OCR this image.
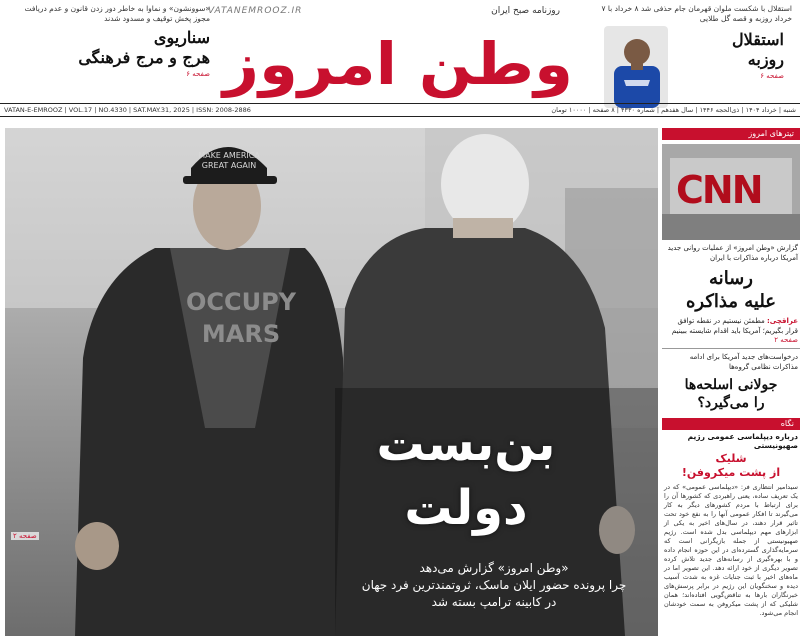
«سوونشون» و نماوا به خاطر دور زدن قانون و عدم دریافت مجوز پخش توقیف و مسدود شدند
سناریوی
هرج و مرج فرهنگی
صفحه ۶
VATANEMROOZ.IR	روزنامه صبح ایران
وطن امروز
استقلال با شکست ملوان قهرمان جام حذفی شد ۸ خرداد با ۷ خرداد روزبه و قصه گل طلایی
استقلال
روزبه
صفحه ۶
VATAN-E-EMROOZ | VOL.17 | NO.4330 | SAT.MAY.31, 2025 | ISSN: 2008-2886	شنبه | خرداد ۱۴۰۴ | ذی‌الحجه ۱۴۴۶ | سال هفدهم | شماره ۴۳۳۰ | ۸ صفحه | ۱۰۰۰۰ تومان
MAKE AMERICA
GREAT AGAIN
OCCUPY
MARS
بن‌بست
دولت
«وطن امروز» گزارش می‌دهد
چرا پرونده حضور ایلان ماسک، ثروتمندترین فرد جهان
در کابینه ترامپ بسته شد
صفحه ۲
تیترهای امروز
CNN
گزارش «وطن امروز» از عملیات روانی جدید آمریکا درباره مذاکرات با ایران
رسانه
علیه مذاکره
عراقچی: مطمئن نیستیم در نقطه توافق قرار بگیریم؛ آمریکا باید اقدام شایسته ببینیم
صفحه ۲
درخواست‌های جدید آمریکا برای ادامه مذاکرات نظامی گروه‌ها
جولانی اسلحه‌ها
را می‌گیرد؟
نگاه
درباره دیپلماسی عمومی رژیم صهیونیستی
شلیک
از پشت میکروفن!
سیدامیر انتظاری فر: «دیپلماسی عمومی» که در یک تعریف ساده، یعنی راهبردی که کشورها آن را برای ارتباط با مردم کشورهای دیگر به کار می‌گیرند تا افکار عمومی آنها را به نفع خود تحت تاثیر قرار دهند، در سال‌های اخیر به یکی از ابزارهای مهم دیپلماسی بدل شده است. رژیم صهیونیستی از جمله بازیگرانی است که سرمایه‌گذاری گسترده‌ای در این حوزه انجام داده و با بهره‌گیری از رسانه‌های جدید تلاش کرده تصویر دیگری از خود ارائه دهد. این تصویر اما در ماه‌های اخیر با ثبت جنایات غزه به شدت آسیب دیده و سخنگویان این رژیم در برابر پرسش‌های خبرنگاران بارها به تناقض‌گویی افتاده‌اند؛ همان شلیکی که از پشت میکروفن به سمت خودشان انجام می‌شود.
